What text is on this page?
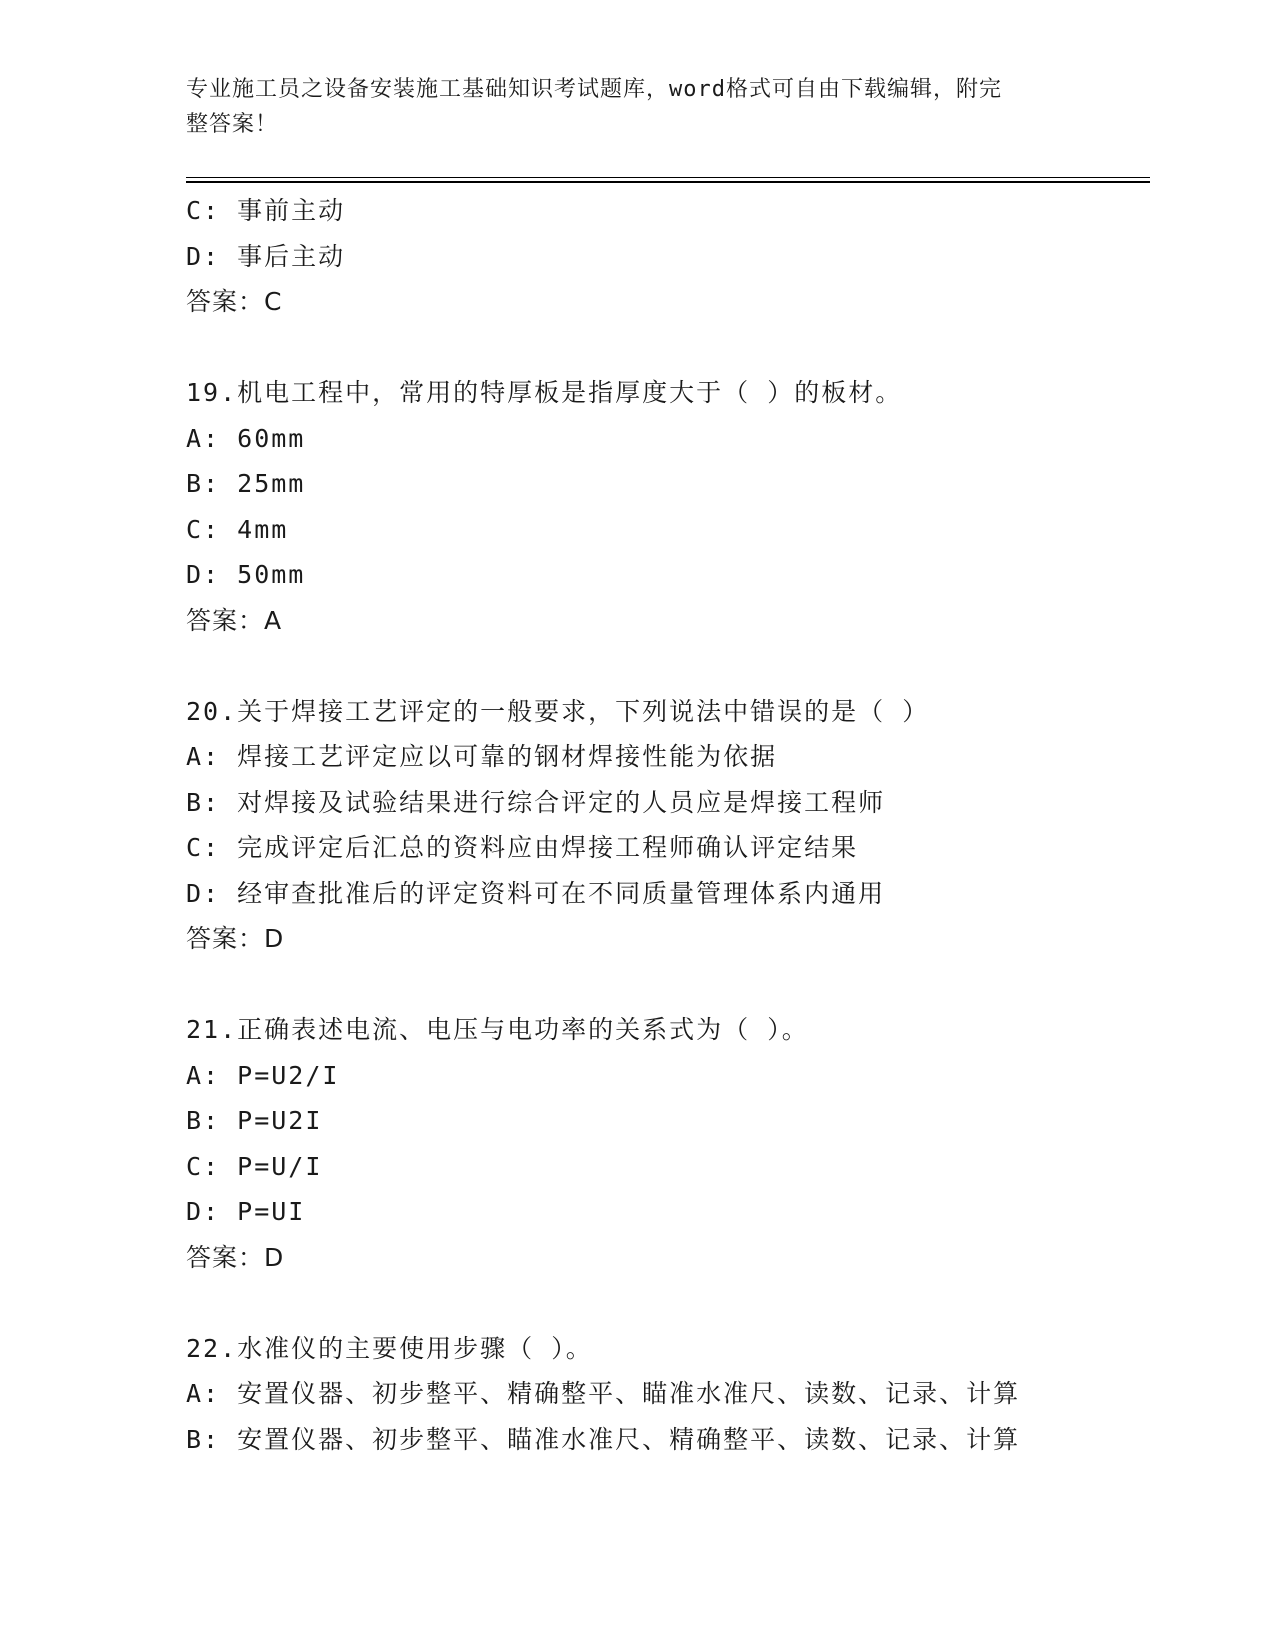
专业施工员之设备安装施工基础知识考试题库，word格式可自由下载编辑，附完
整答案！
C: 事前主动
D: 事后主动
答案：C
19.机电工程中，常用的特厚板是指厚度大于（ ）的板材。
A: 60mm
B: 25mm
C: 4mm
D: 50mm
答案：A
20.关于焊接工艺评定的一般要求，下列说法中错误的是（ ）
A: 焊接工艺评定应以可靠的钢材焊接性能为依据
B: 对焊接及试验结果进行综合评定的人员应是焊接工程师
C: 完成评定后汇总的资料应由焊接工程师确认评定结果
D: 经审查批准后的评定资料可在不同质量管理体系内通用
答案：D
21.正确表述电流、电压与电功率的关系式为（ ）。
A: P=U2/I
B: P=U2I
C: P=U/I
D: P=UI
答案：D
22.水准仪的主要使用步骤（ ）。
A: 安置仪器、初步整平、精确整平、瞄准水准尺、读数、记录、计算
B: 安置仪器、初步整平、瞄准水准尺、精确整平、读数、记录、计算
